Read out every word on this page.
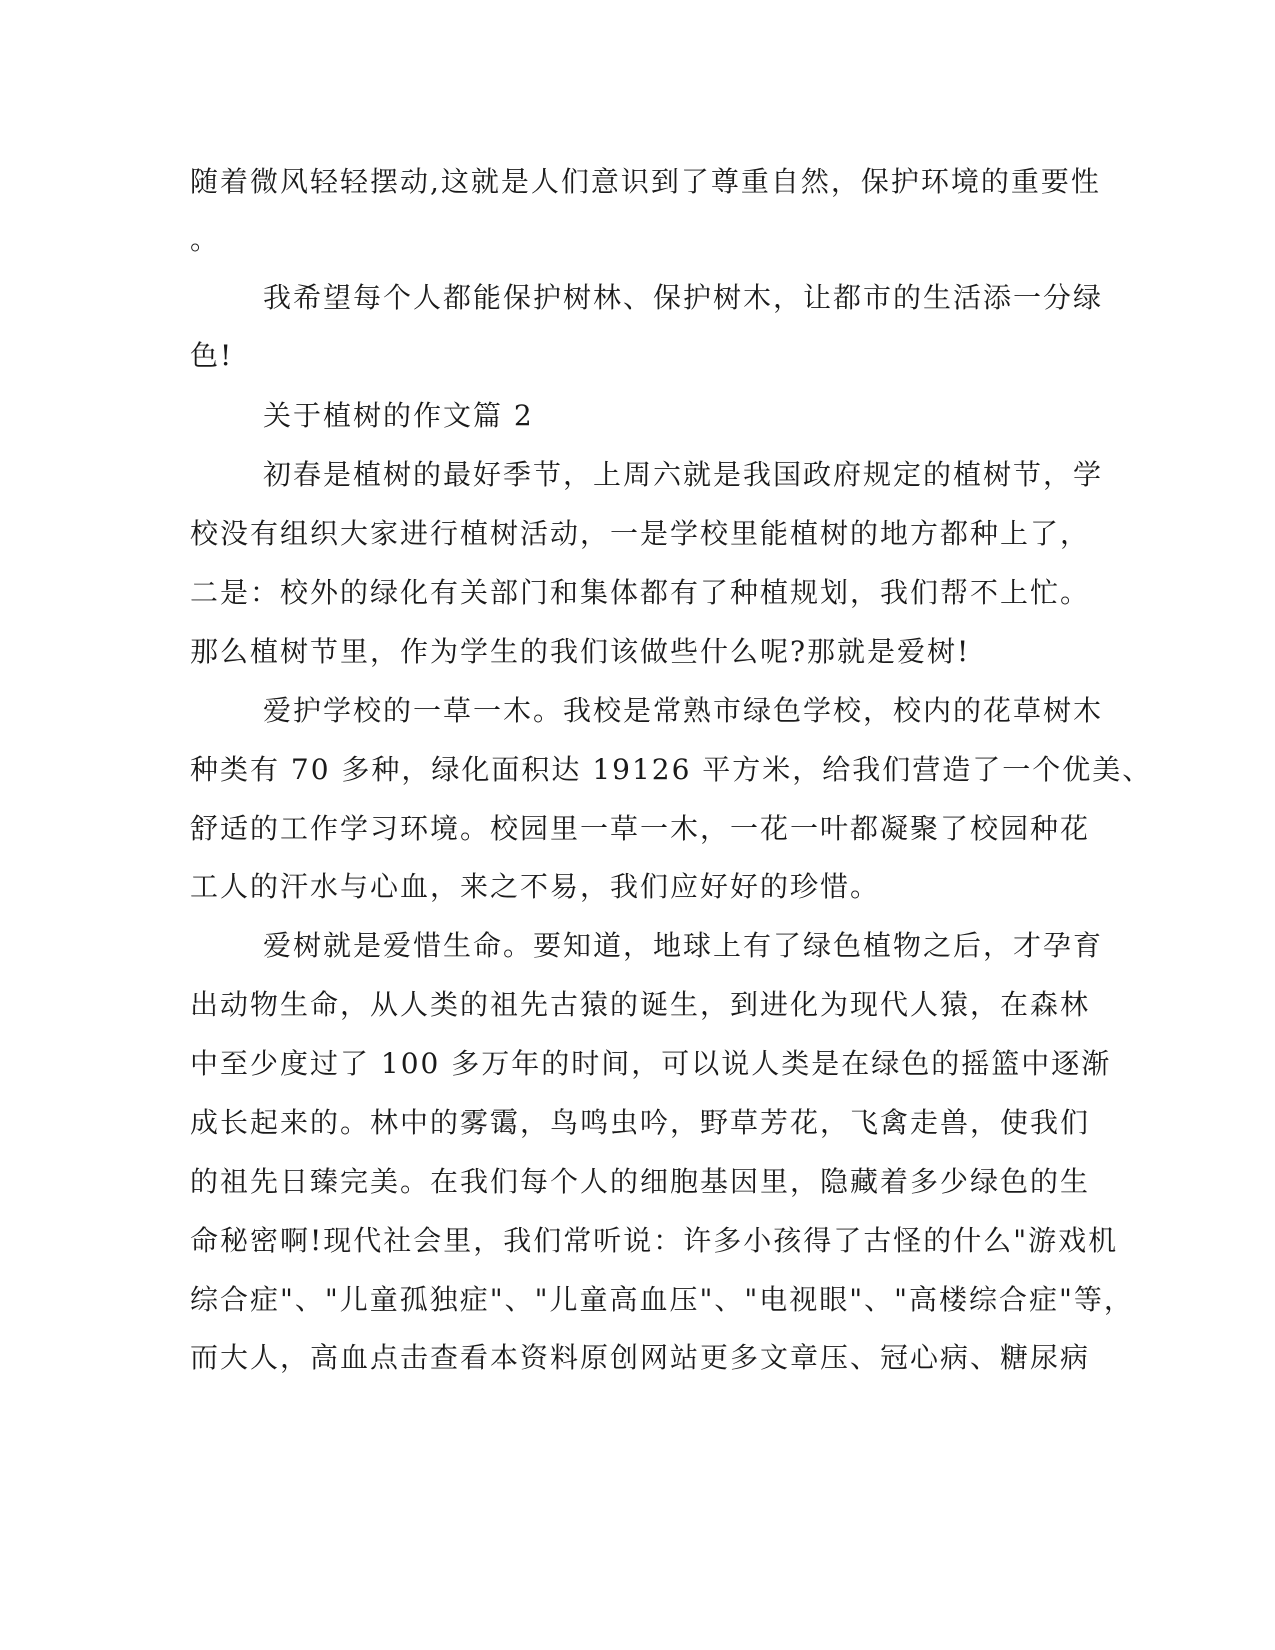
随着微风轻轻摆动,这就是人们意识到了尊重自然，保护环境的重要性
。
我希望每个人都能保护树林、保护树木，让都市的生活添一分绿
色!
关于植树的作文篇 2
初春是植树的最好季节，上周六就是我国政府规定的植树节，学
校没有组织大家进行植树活动，一是学校里能植树的地方都种上了，
二是：校外的绿化有关部门和集体都有了种植规划，我们帮不上忙。
那么植树节里，作为学生的我们该做些什么呢?那就是爱树!
爱护学校的一草一木。我校是常熟市绿色学校，校内的花草树木
种类有 70 多种，绿化面积达 19126 平方米，给我们营造了一个优美、
舒适的工作学习环境。校园里一草一木，一花一叶都凝聚了校园种花
工人的汗水与心血，来之不易，我们应好好的珍惜。
爱树就是爱惜生命。要知道，地球上有了绿色植物之后，才孕育
出动物生命，从人类的祖先古猿的诞生，到进化为现代人猿，在森林
中至少度过了 100 多万年的时间，可以说人类是在绿色的摇篮中逐渐
成长起来的。林中的雾霭，鸟鸣虫吟，野草芳花，飞禽走兽，使我们
的祖先日臻完美。在我们每个人的细胞基因里，隐藏着多少绿色的生
命秘密啊!现代社会里，我们常听说：许多小孩得了古怪的什么"游戏机
综合症"、"儿童孤独症"、"儿童高血压"、"电视眼"、"高楼综合症"等，
而大人，高血点击查看本资料原创网站更多文章压、冠心病、糖尿病
